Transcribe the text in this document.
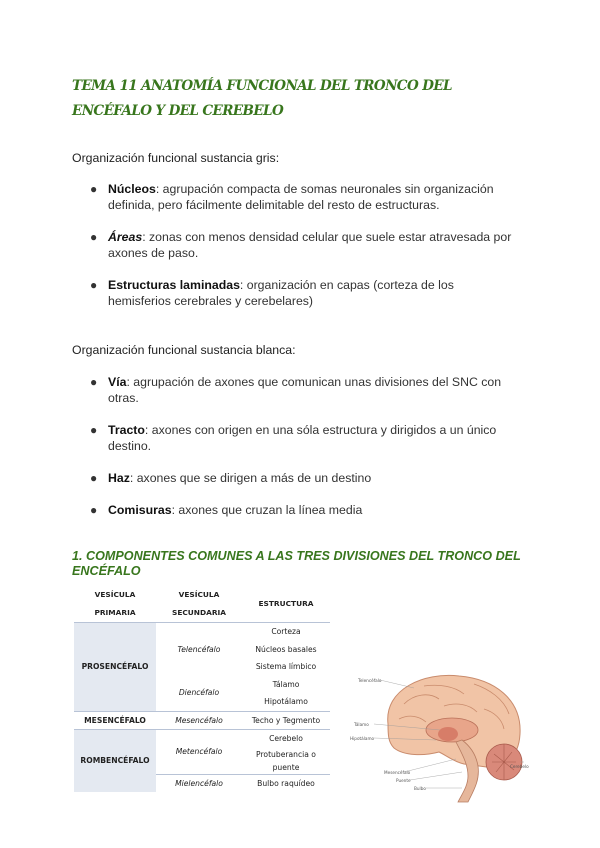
TEMA 11 ANATOMÍA FUNCIONAL DEL TRONCO DEL ENCÉFALO Y DEL CEREBELO
Organización funcional sustancia gris:
● Núcleos: agrupación compacta de somas neuronales sin organización definida, pero fácilmente delimitable del resto de estructuras.
● Áreas: zonas con menos densidad celular que suele estar atravesada por axones de paso.
● Estructuras laminadas: organización en capas (corteza de los hemisferios cerebrales y cerebelares)
Organización funcional sustancia blanca:
● Vía: agrupación de axones que comunican unas divisiones del SNC con otras.
● Tracto: axones con origen en una sóla estructura y dirigidos a un único destino.
● Haz: axones que se dirigen a más de un destino
● Comisuras: axones que cruzan la línea media
1. COMPONENTES COMUNES A LAS TRES DIVISIONES DEL TRONCO DEL ENCÉFALO
VESÍCULA PRIMARIA	VESÍCULA SECUNDARIA	ESTRUCTURA
PROSENCÉFALO	Telencéfalo	Corteza
		Núcleos basales
		Sistema límbico
	Diencéfalo	Tálamo
		Hipotálamo
MESENCÉFALO	Mesencéfalo	Techo y Tegmento
ROMBENCÉFALO	Metencéfalo	Cerebelo
		Protuberancia o puente

	Mielencéfalo	Bulbo raquídeo
Telencéfalo
Tálamo
Hipotálamo
Mesencéfalo
Puente
Bulbo
Cerebelo
